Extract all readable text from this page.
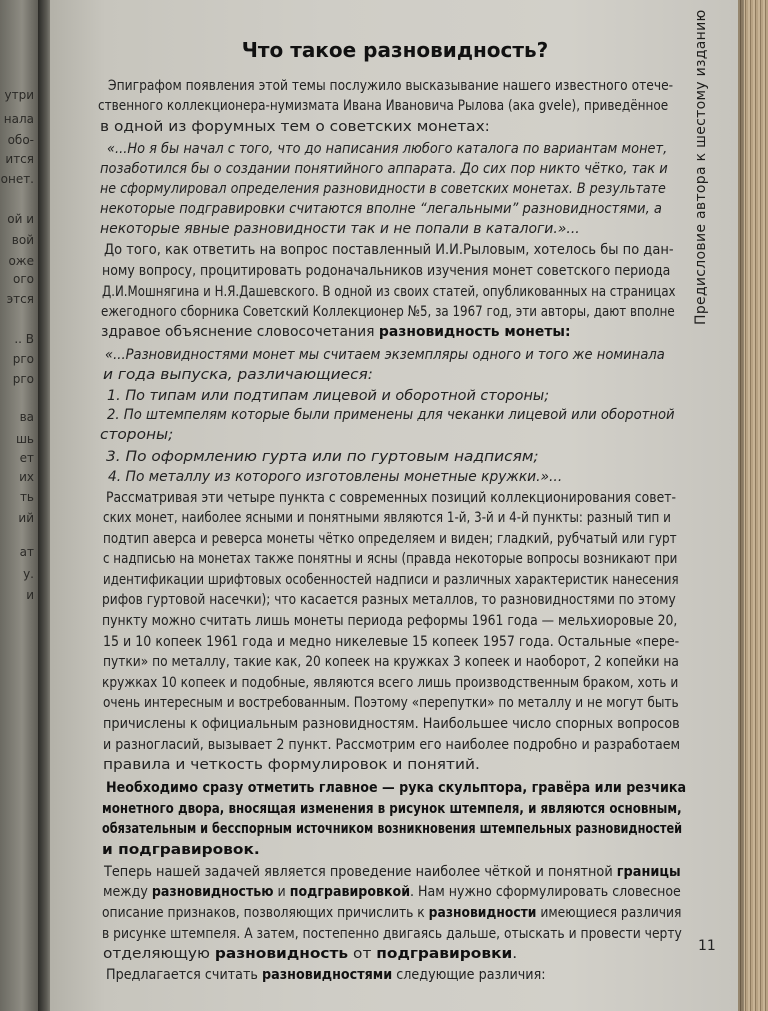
утри
нала
обо-
ится
онет.
ой и
вой
ожe
ого
этся
.. В
рго
рго
ва
шь
ет
их
ть
ий
ат
у.
и
Что такое разновидность?	Предисловие автора к шестому изданию
Эпиграфом появления этой темы послужило высказывание нашего известного отече-
ственного коллекционера-нумизмата Ивана Ивановича Рылова (ака gvele), приведённое
в одной из форумных тем о советских монетах:
«...Но я бы начал с того, что до написания любого каталога по вариантам монет,
позаботился бы о создании понятийного аппарата. До сих пор никто чётко, так и
не сформулировал определения разновидности в советских монетах. В результате
некоторые подгравировки считаются вполне “легальными” разновидностями, а
некоторые явные разновидности так и не попали в каталоги.»...
До того, как ответить на вопрос поставленный И.И.Рыловым, хотелось бы по дан-
ному вопросу, процитировать родоначальников изучения монет советского периода
Д.И.Мошнягина и Н.Я.Дашевского. В одной из своих статей, опубликованных на страницах
ежегодного сборника Советский Коллекционер №5, за 1967 год, эти авторы, дают вполне
здравое объяснение словосочетания разновидность монеты:
«...Разновидностями монет мы считаем экземпляры одного и того же номинала
и года выпуска, различающиеся:
1. По типам или подтипам лицевой и оборотной стороны;
2. По штемпелям которые были применены для чеканки лицевой или оборотной
стороны;
3. По оформлению гурта или по гуртовым надписям;
4. По металлу из которого изготовлены монетные кружки.»...
Рассматривая эти четыре пункта с современных позиций коллекционирования совет-
ских монет, наиболее ясными и понятными являются 1-й, 3-й и 4-й пункты: разный тип и
подтип аверса и реверса монеты чётко определяем и виден; гладкий, рубчатый или гурт
с надписью на монетах также понятны и ясны (правда некоторые вопросы возникают при
идентификации шрифтовых особенностей надписи и различных характеристик нанесения
рифов гуртовой насечки); что касается разных металлов, то разновидностями по этому
пункту можно считать лишь монеты периода реформы 1961 года — мельхиоровые 20,
15 и 10 копеек 1961 года и медно никелевые 15 копеек 1957 года. Остальные «пере-
путки» по металлу, такие как, 20 копеек на кружках 3 копеек и наоборот, 2 копейки на
кружках 10 копеек и подобные, являются всего лишь производственным браком, хоть и
очень интересным и востребованным. Поэтому «перепутки» по металлу и не могут быть
причислены к официальным разновидностям. Наибольшее число спорных вопросов
и разногласий, вызывает 2 пункт. Рассмотрим его наиболее подробно и разработаем
правила и четкость формулировок и понятий.
Необходимо сразу отметить главное — рука скульптора, гравёра или резчика
монетного двора, вносящая изменения в рисунок штемпеля, и являются основным,
обязательным и бесспорным источником возникновения штемпельных разновидностей
и подгравировок.
Теперь нашей задачей является проведение наиболее чёткой и понятной границы
между разновидностью и подгравировкой. Нам нужно сформулировать словесное
описание признаков, позволяющих причислить к разновидности имеющиеся различия
в рисунке штемпеля. А затем, постепенно двигаясь дальше, отыскать и провести черту
отделяющую разновидность от подгравировки.
Предлагается считать разновидностями следующие различия:
11
